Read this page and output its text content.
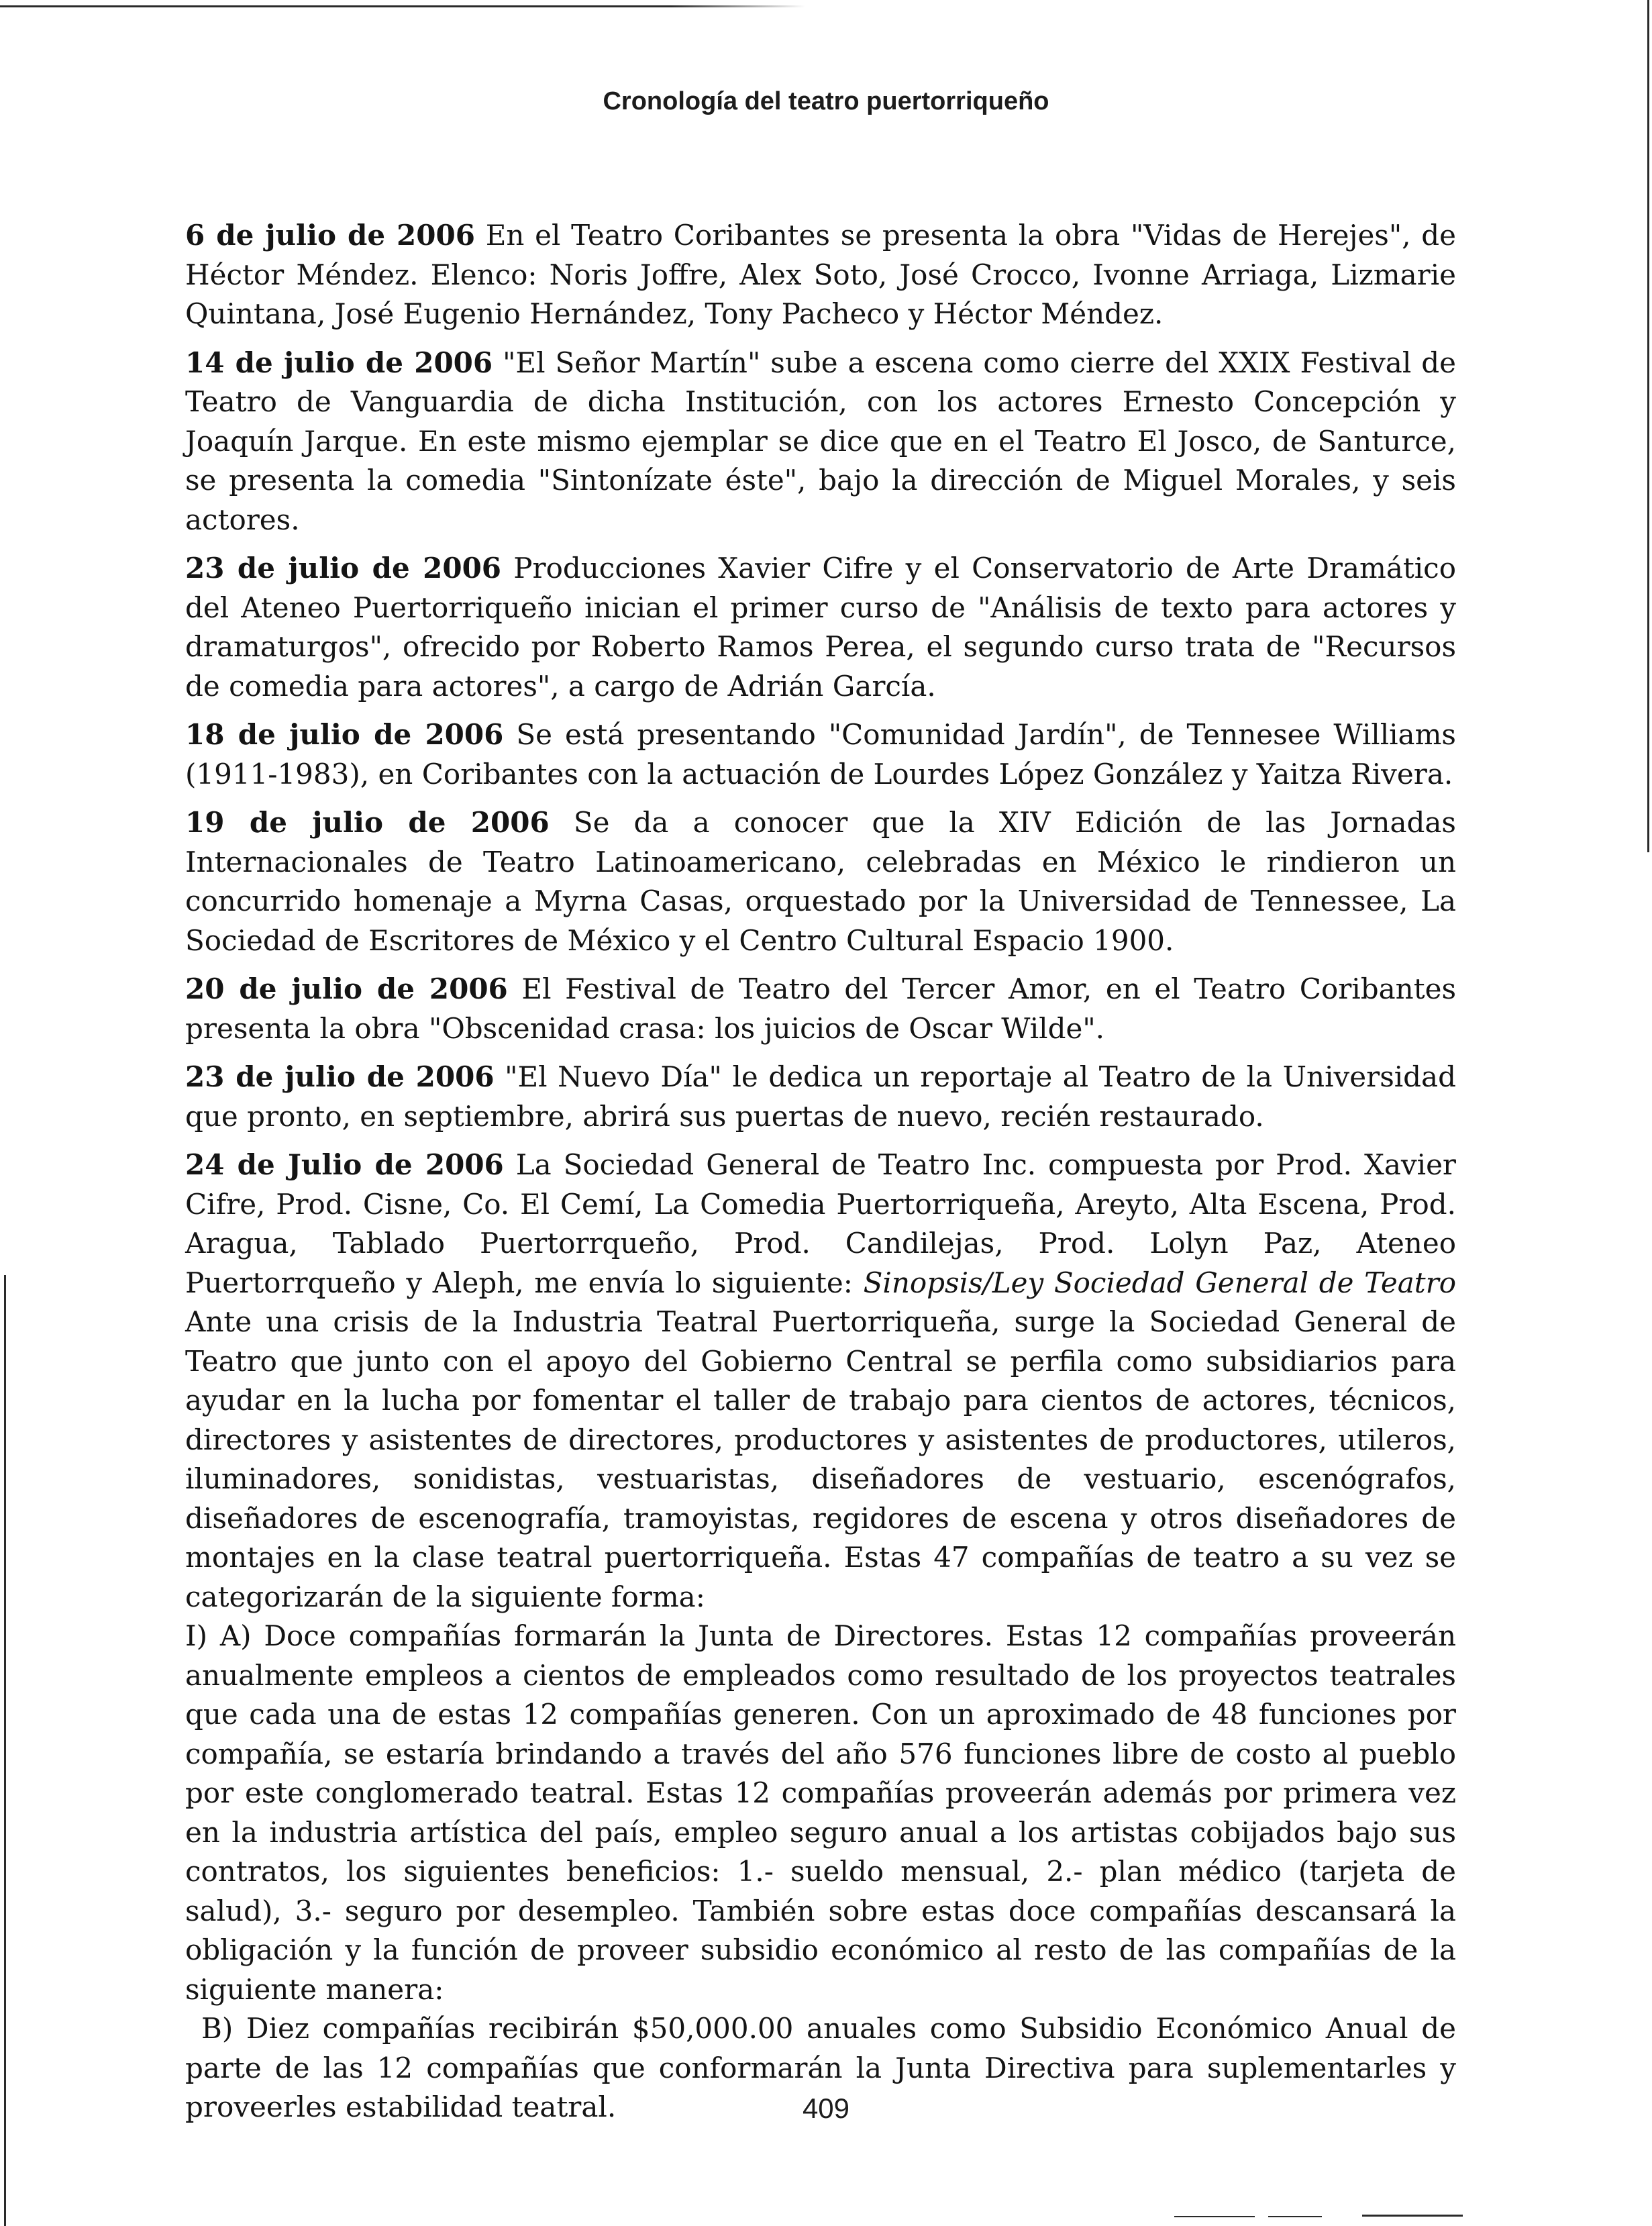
Cronología del teatro puertorriqueño

6 de julio de 2006 En el Teatro Coribantes se presenta la obra "Vidas de Herejes", de Héctor Méndez. Elenco: Noris Joffre, Alex Soto, José Crocco, Ivonne Arriaga, Lizmarie Quintana, José Eugenio Hernández, Tony Pacheco y Héctor Méndez.

14 de julio de 2006 "El Señor Martín" sube a escena como cierre del XXIX Festival de Teatro de Vanguardia de dicha Institución, con los actores Ernesto Concepción y Joaquín Jarque. En este mismo ejemplar se dice que en el Teatro El Josco, de Santurce, se presenta la comedia "Sintonízate éste", bajo la dirección de Miguel Morales, y seis actores.

23 de julio de 2006 Producciones Xavier Cifre y el Conservatorio de Arte Dramático del Ateneo Puertorriqueño inician el primer curso de "Análisis de texto para actores y dramaturgos", ofrecido por Roberto Ramos Perea, el segundo curso trata de "Recursos de comedia para actores", a cargo de Adrián García.

18 de julio de 2006 Se está presentando "Comunidad Jardín", de Tennesee Williams (1911-1983), en Coribantes con la actuación de Lourdes López González y Yaitza Rivera.

19 de julio de 2006 Se da a conocer que la XIV Edición de las Jornadas Internacionales de Teatro Latinoamericano, celebradas en México le rindieron un concurrido homenaje a Myrna Casas, orquestado por la Universidad de Tennessee, La Sociedad de Escritores de México y el Centro Cultural Espacio 1900.

20 de julio de 2006 El Festival de Teatro del Tercer Amor, en el Teatro Coribantes presenta la obra "Obscenidad crasa: los juicios de Oscar Wilde".

23 de julio de 2006 "El Nuevo Día" le dedica un reportaje al Teatro de la Universidad que pronto, en septiembre, abrirá sus puertas de nuevo, recién restaurado.

24 de Julio de 2006 La Sociedad General de Teatro Inc. compuesta por Prod. Xavier Cifre, Prod. Cisne, Co. El Cemí, La Comedia Puertorriqueña, Areyto, Alta Escena, Prod. Aragua, Tablado Puertorrqueño, Prod. Candilejas, Prod. Lolyn Paz, Ateneo Puertorrqueño y Aleph, me envía lo siguiente: Sinopsis/Ley Sociedad General de Teatro Ante una crisis de la Industria Teatral Puertorriqueña, surge la Sociedad General de Teatro que junto con el apoyo del Gobierno Central se perfila como subsidiarios para ayudar en la lucha por fomentar el taller de trabajo para cientos de actores, técnicos, directores y asistentes de directores, productores y asistentes de productores, utileros, iluminadores, sonidistas, vestuaristas, diseñadores de vestuario, escenógrafos, diseñadores de escenografía, tramoyistas, regidores de escena y otros diseñadores de montajes en la clase teatral puertorriqueña. Estas 47 compañías de teatro a su vez se categorizarán de la siguiente forma:

I) A) Doce compañías formarán la Junta de Directores. Estas 12 compañías proveerán anualmente empleos a cientos de empleados como resultado de los proyectos teatrales que cada una de estas 12 compañías generen. Con un aproximado de 48 funciones por compañía, se estaría brindando a través del año 576 funciones libre de costo al pueblo por este conglomerado teatral. Estas 12 compañías proveerán además por primera vez en la industria artística del país, empleo seguro anual a los artistas cobijados bajo sus contratos, los siguientes beneficios: 1.- sueldo mensual, 2.- plan médico (tarjeta de salud), 3.- seguro por desempleo. También sobre estas doce compañías descansará la obligación y la función de proveer subsidio económico al resto de las compañías de la siguiente manera:

B) Diez compañías recibirán $50,000.00 anuales como Subsidio Económico Anual de parte de las 12 compañías que conformarán la Junta Directiva para suplementarles y proveerles estabilidad teatral.	409
